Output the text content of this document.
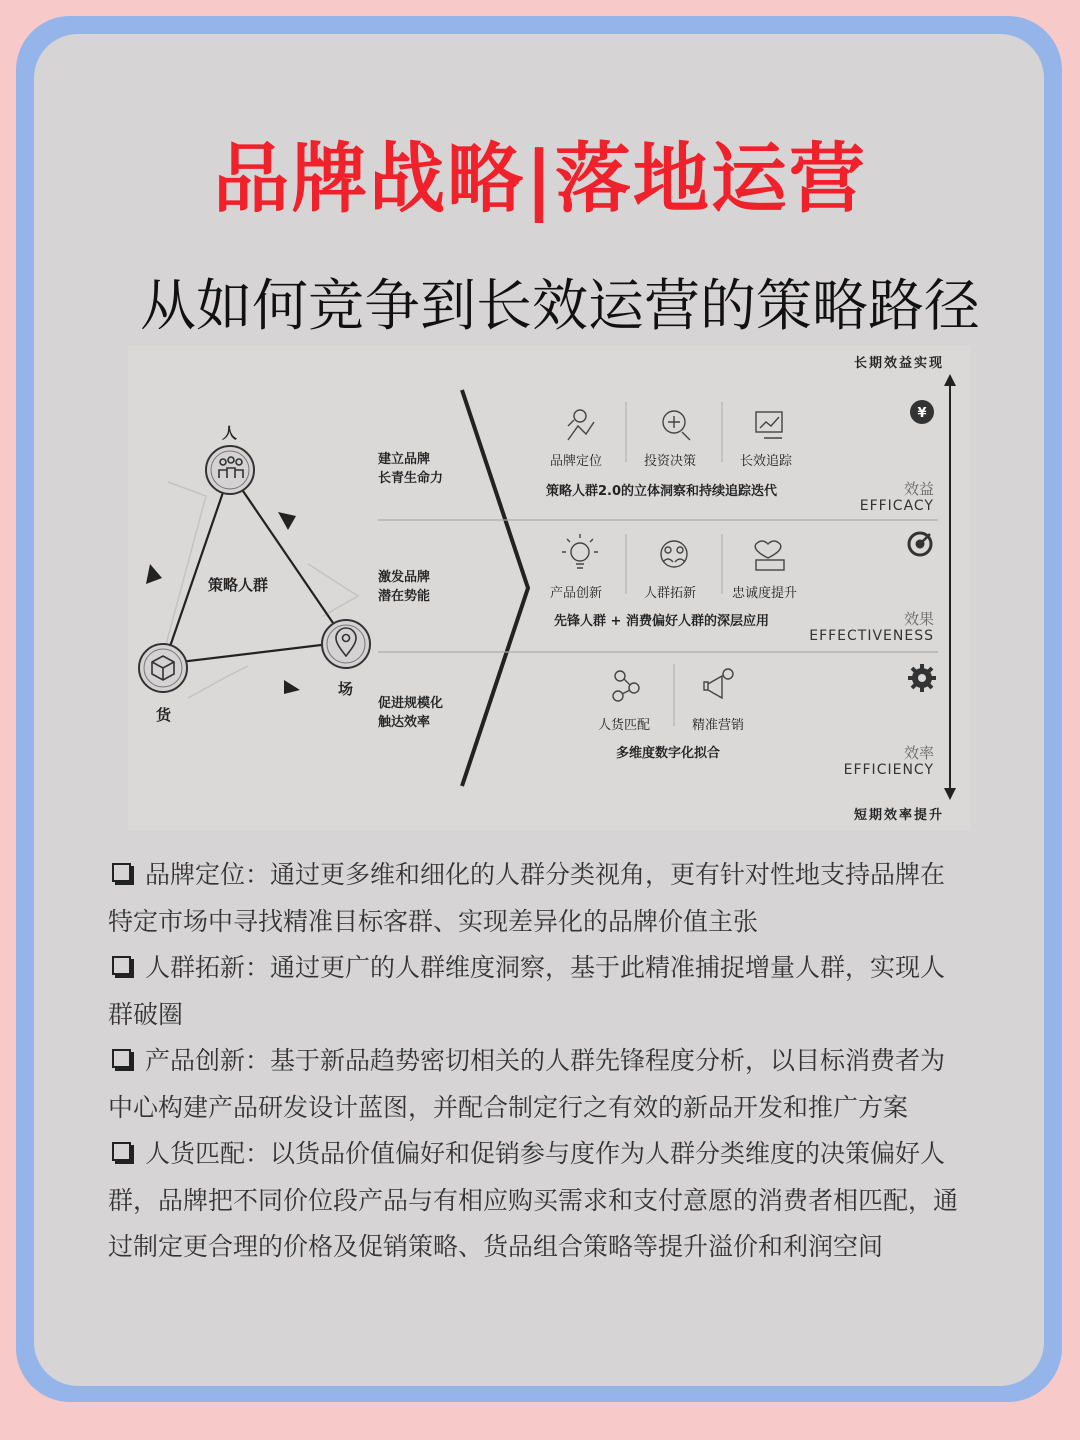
品牌战略|落地运营
从如何竞争到长效运营的策略路径
¥
人
货
场
策略人群
建立品牌
长青生命力
激发品牌
潜在势能
促进规模化
触达效率
品牌定位	投资决策	长效追踪
策略人群2.0的立体洞察和持续追踪迭代
产品创新	人群拓新	忠诚度提升
先锋人群 + 消费偏好人群的深层应用
人货匹配	精准营销
多维度数字化拟合
效益
EFFICACY
效果
EFFECTIVENESS
效率
EFFICIENCY
长期效益实现
短期效率提升

品牌定位：通过更多维和细化的人群分类视角，更有针对性地支持品牌在

特定市场中寻找精准目标客群、实现差异化的品牌价值主张

人群拓新：通过更广的人群维度洞察，基于此精准捕捉增量人群，实现人

群破圈

产品创新：基于新品趋势密切相关的人群先锋程度分析，以目标消费者为

中心构建产品研发设计蓝图，并配合制定行之有效的新品开发和推广方案

人货匹配：以货品价值偏好和促销参与度作为人群分类维度的决策偏好人

群，品牌把不同价位段产品与有相应购买需求和支付意愿的消费者相匹配，通

过制定更合理的价格及促销策略、货品组合策略等提升溢价和利润空间
